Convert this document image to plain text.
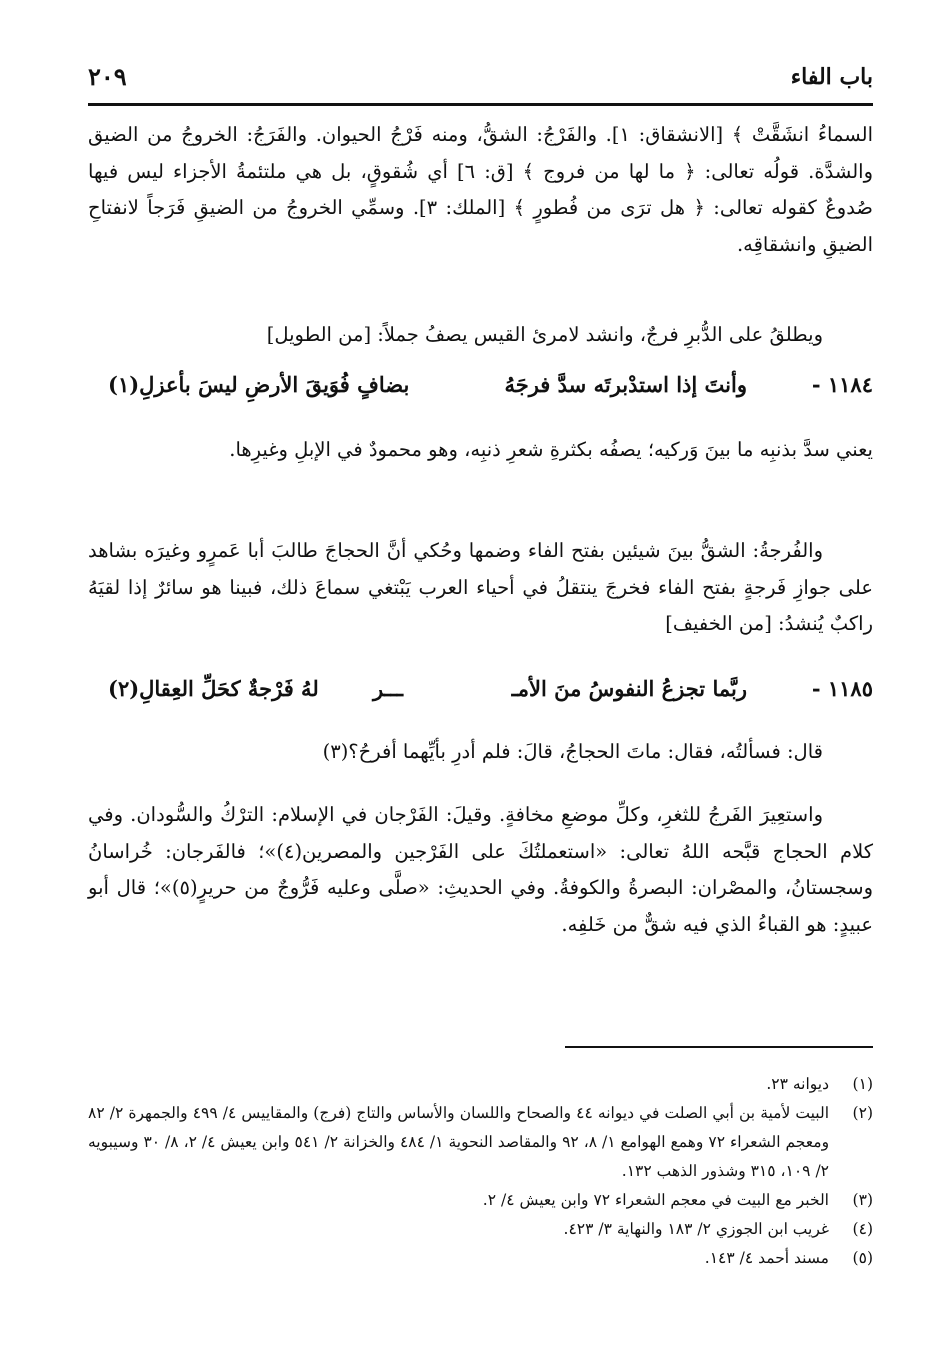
باب الفاء
٢٠٩

السماءُ انشَقَّتْ ﴾ [الانشقاق: ١]. والفَرْجُ: الشقُّ، ومنه فَرْجُ الحيوان. والفَرَجُ: الخروجُ من الضيق والشدَّة. قولُه تعالى: ﴿ ما لها من فروج ﴾ [ق: ٦] أي شُقوقٍ، بل هي ملتئمةُ الأجزاء ليس فيها صُدوعٌ كقوله تعالى: ﴿ هل ترَى من فُطورٍ ﴾ [الملك: ٣]. وسمِّي الخروجُ من الضيقِ فَرَجاً لانفتاحِ الضيقِ وانشقاقِه.

ويطلقُ على الدُّبرِ فرجٌ، وانشد لامرئ القيس يصفُ جملاً: [من الطويل]

١١٨٤ -
وأنتَ إذا استدْبرتَه سدَّ فرجَهُ
بضافٍ فُوَيقَ الأرضِ ليسَ بأعزلِ(١)

يعني سدَّ بذنبِه ما بينَ وَركيه؛ يصفُه بكثرةِ شعرِ ذنبِه، وهو محمودٌ في الإبلِ وغيرِها.

والفُرجةُ: الشقُّ بينَ شيئين بفتح الفاء وضمها وحُكي أنَّ الحجاجَ طالبَ أبا عَمرٍو وغيرَه بشاهد على جوازِ فَرجةٍ بفتح الفاء فخرجَ ينتقلُ في أحياء العرب يَبْتغي سماعَ ذلك، فبينا هو سائرٌ إذا لقيَهُ راكبٌ يُنشدُ: [من الخفيف]

١١٨٥ -
ربَّما تجزعُ النفوسُ منَ الأمـ
ـــر
لهُ فَرْجةٌ كحَلِّ العِقالِ(٢)

قال: فسألتُه، فقال: ماتَ الحجاجُ، قالَ: فلم أدرِ بأيِّهما أفرحُ؟(٣)

واستعِيرَ الفَرجُ للثغرِ، وكلِّ موضعِ مخافةٍ. وقيلَ: الفَرْجان في الإسلام: الترْكُ والسُّودان. وفي كلام الحجاج قبَّحه اللهُ تعالى: «استعملتُكَ على الفَرْجين والمصرين(٤)»؛ فالفَرجان: خُراسانُ وسجستانُ، والمصْران: البصرةُ والكوفةُ. وفي الحديثِ: «صلَّى وعليه فَرُّوجٌ من حريرٍ(٥)»؛ قال أبو عبيدٍ: هو القباءُ الذي فيه شقٌّ من خَلفِه.

(١)
ديوانه ٢٣.

(٢)
البيت لأمية بن أبي الصلت في ديوانه ٤٤ والصحاح واللسان والأساس والتاج (فرج) والمقاييس ٤/ ٤٩٩ والجمهرة ٢/ ٨٢ ومعجم الشعراء ٧٢ وهمع الهوامع ١/ ٨، ٩٢ والمقاصد النحوية ١/ ٤٨٤ والخزانة ٢/ ٥٤١ وابن يعيش ٤/ ٢، ٨/ ٣٠ وسيبويه ٢/ ١٠٩، ٣١٥ وشذور الذهب ١٣٢.

(٣)
الخبر مع البيت في معجم الشعراء ٧٢ وابن يعيش ٤/ ٢.

(٤)
غريب ابن الجوزي ٢/ ١٨٣ والنهاية ٣/ ٤٢٣.

(٥)
مسند أحمد ٤/ ١٤٣.
